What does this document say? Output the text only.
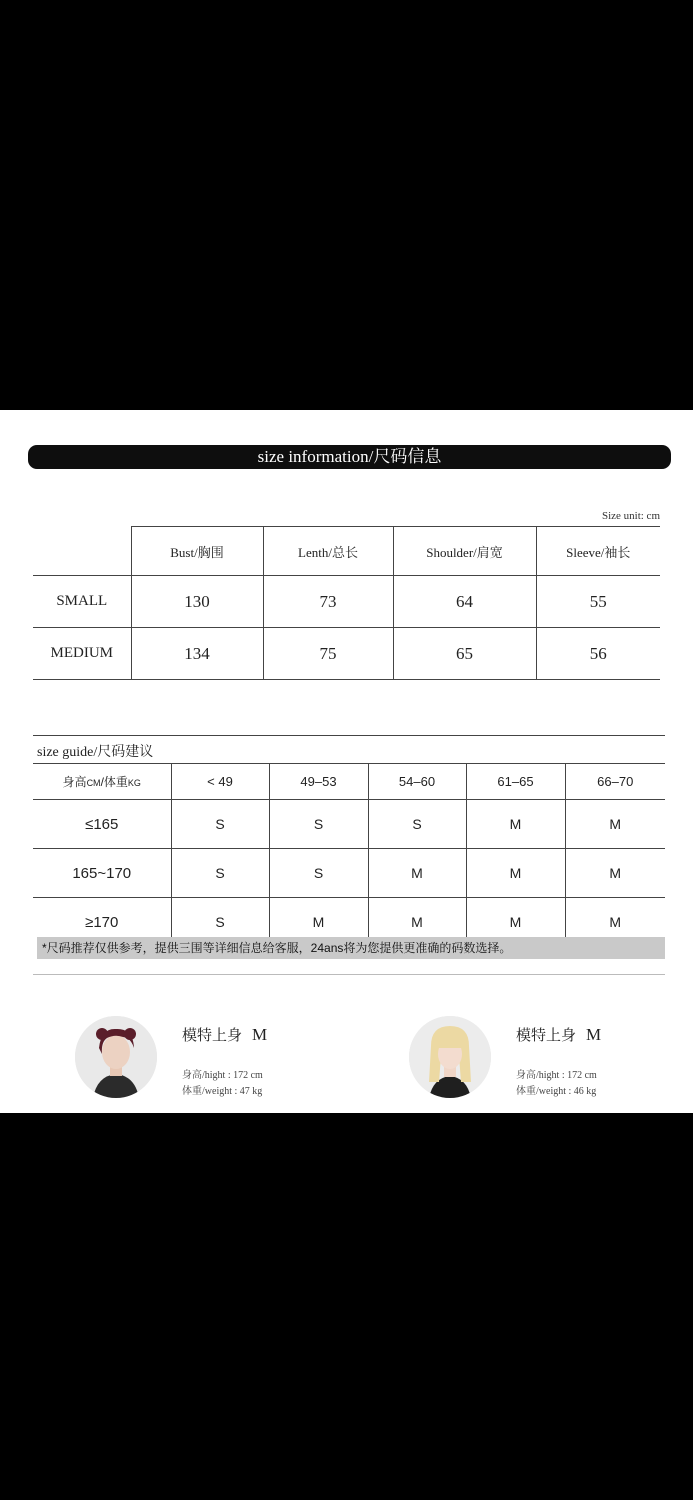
size information/尺码信息
Size unit: cm
	Bust/胸围	Lenth/总长	Shoulder/肩宽	Sleeve/袖长
SMALL	130	73	64	55
MEDIUM	134	75	65	56
size guide/尺码建议
身高CM/体重KG	< 49	49–53	54–60	61–65	66–70
≤165	S	S	S	M	M
165~170	S	S	M	M	M
≥170	S	M	M	M	M
*尺码推荐仅供参考，提供三围等详细信息给客服，24ans将为您提供更准确的码数选择。
模特上身 M
身高/hight : 172 cm
体重/weight : 47 kg
模特上身 M
身高/hight : 172 cm
体重/weight : 46 kg
